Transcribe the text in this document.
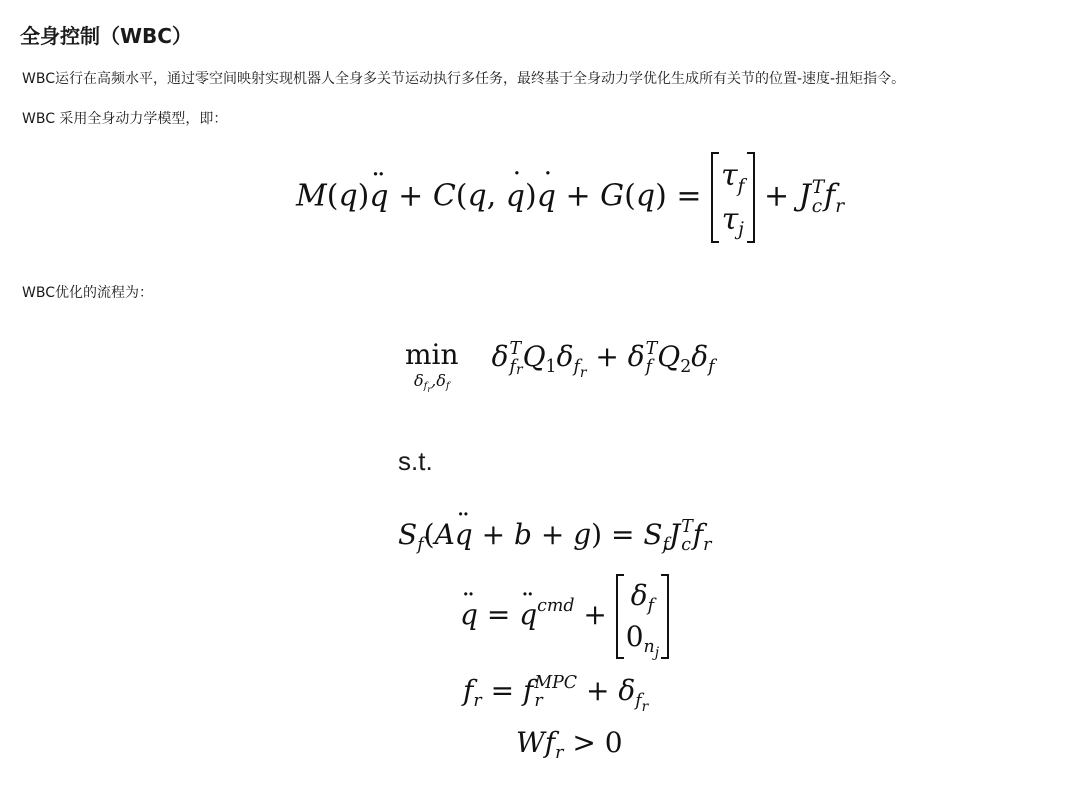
全身控制（WBC）

WBC运行在高频水平，通过零空间映射实现机器人全身多关节运动执行多任务，最终基于全身动力学优化生成所有关节的位置-速度-扭矩指令。

WBC 采用全身动力学模型，即：

M(q)q ¨ + C(q, q ˙)q ˙ + G(q) =
$\tau_f$
$\tau_j$
+ J T
c $f_r$

WBC优化的流程为：

min
$\delta_{f_r},\delta_f$
δ T
$f_r$ $Q_1\delta_{f_r} + \delta$ T
f $Q_2\delta_f$
s.t.
$S_f(Aq$ ¨ + $b + g) = S_fJ$ T
c $f_r$
q ¨ = q ¨$^{cmd}$ +
$\delta_f$
$0_{n_j}$
$f_r = f$ MPC
r	+ $\delta_{f_r}$
$Wf_r > 0$
